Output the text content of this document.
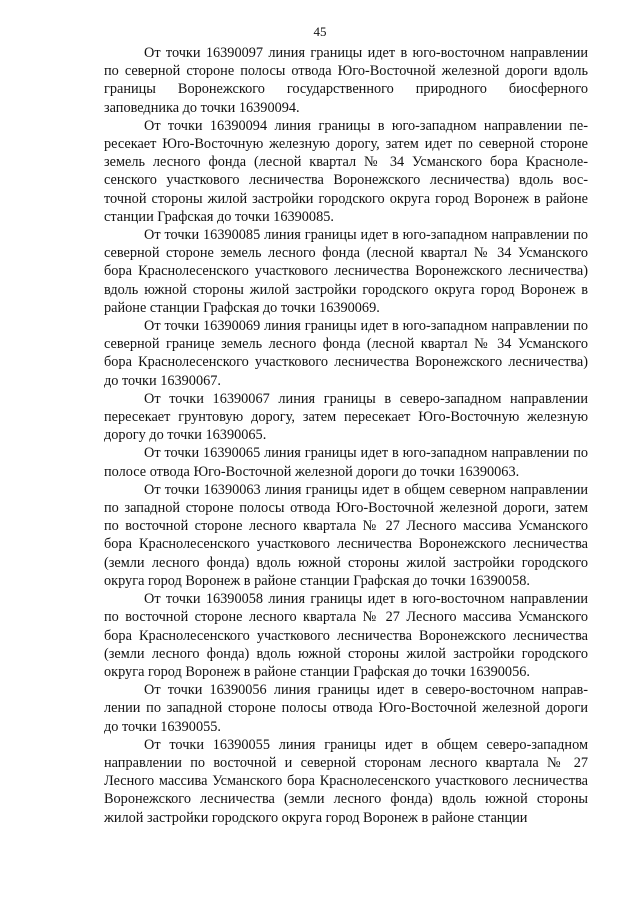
45

От точки 16390097 линия границы идет в юго-восточном направлении по северной стороне полосы отвода Юго-Восточной железной дороги вдоль границы Воронежского государственного природного биосферного заповедника до точки 16390094.

От точки 16390094 линия границы в юго-западном направлении пересекает Юго-Восточную железную дорогу, затем идет по северной стороне земель лесного фонда (лесной квартал № 34 Усманского бора Краснолесенского участкового лесничества Воронежского лесничества) вдоль восточной стороны жилой застройки городского округа город Воронеж в районе станции Графская до точки 16390085.

От точки 16390085 линия границы идет в юго-западном направлении по северной стороне земель лесного фонда (лесной квартал № 34 Усманского бора Краснолесенского участкового лесничества Воронежского лесничества) вдоль южной стороны жилой застройки городского округа город Воронеж в районе станции Графская до точки 16390069.

От точки 16390069 линия границы идет в юго-западном направлении по северной границе земель лесного фонда (лесной квартал № 34 Усманского бора Краснолесенского участкового лесничества Воронежского лесничества) до точки 16390067.

От точки 16390067 линия границы в северо-западном направлении пересекает грунтовую дорогу, затем пересекает Юго-Восточную железную дорогу до точки 16390065.

От точки 16390065 линия границы идет в юго-западном направлении по полосе отвода Юго-Восточной железной дороги до точки 16390063.

От точки 16390063 линия границы идет в общем северном направлении по западной стороне полосы отвода Юго-Восточной железной дороги, затем по восточной стороне лесного квартала № 27 Лесного массива Усманского бора Краснолесенского участкового лесничества Воронежского лесничества (земли лесного фонда) вдоль южной стороны жилой застройки городского округа город Воронеж в районе станции Графская до точки 16390058.

От точки 16390058 линия границы идет в юго-восточном направлении по восточной стороне лесного квартала № 27 Лесного массива Усманского бора Краснолесенского участкового лесничества Воронежского лесничества (земли лесного фонда) вдоль южной стороны жилой застройки городского округа город Воронеж в районе станции Графская до точки 16390056.

От точки 16390056 линия границы идет в северо-восточном направлении по западной стороне полосы отвода Юго-Восточной железной дороги до точки 16390055.

От точки 16390055 линия границы идет в общем северо-западном направлении по восточной и северной сторонам лесного квартала № 27 Лесного массива Усманского бора Краснолесенского участкового лесничества Воронежского лесничества (земли лесного фонда) вдоль южной стороны жилой застройки городского округа город Воронеж в районе станции
